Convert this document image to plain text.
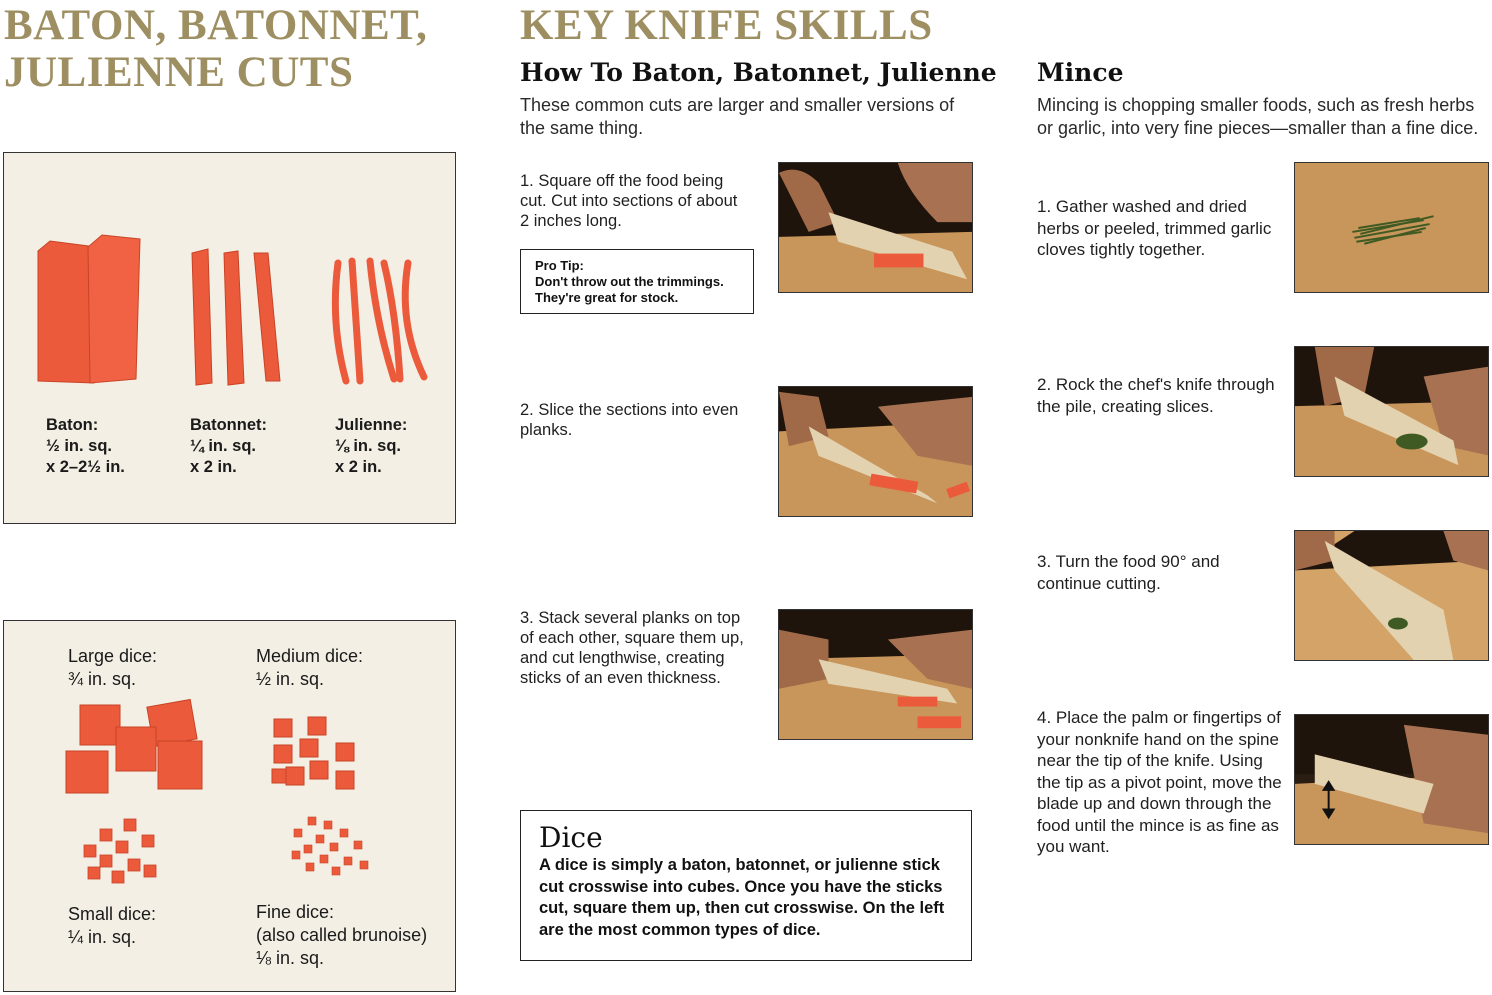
BATON, BATONNET,
JULIENNE CUTS
Baton:
½ in. sq.
x 2–2½ in.
Batonnet:
¼ in. sq.
x 2 in.
Julienne:
⅛ in. sq.
x 2 in.
Large dice:
¾ in. sq.
Medium dice:
½ in. sq.
Small dice:
¼ in. sq.
Fine dice:
(also called brunoise)
⅛ in. sq.
KEY KNIFE SKILLS
How To Baton, Batonnet, Julienne

These common cuts are larger and smaller versions of the same thing.

1. Square off the food being cut. Cut into sections of about 2 inches long.

Pro Tip:
Don't throw out the trimmings.
They're great for stock.

2. Slice the sections into even planks.

3. Stack several planks on top of each other, square them up, and cut lengthwise, creating sticks of an even thickness.

Dice
A dice is simply a baton, batonnet, or julienne stick cut crosswise into cubes. Once you have the sticks cut, square them up, then cut crosswise. On the left are the most common types of dice.
Mince

Mincing is chopping smaller foods, such as fresh herbs or garlic, into very fine pieces—smaller than a fine dice.

1. Gather washed and dried herbs or peeled, trimmed garlic cloves tightly together.

2. Rock the chef's knife through the pile, creating slices.

3. Turn the food 90° and continue cutting.

4. Place the palm or fingertips of your nonknife hand on the spine near the tip of the knife. Using the tip as a pivot point, move the blade up and down through the food until the mince is as fine as you want.
